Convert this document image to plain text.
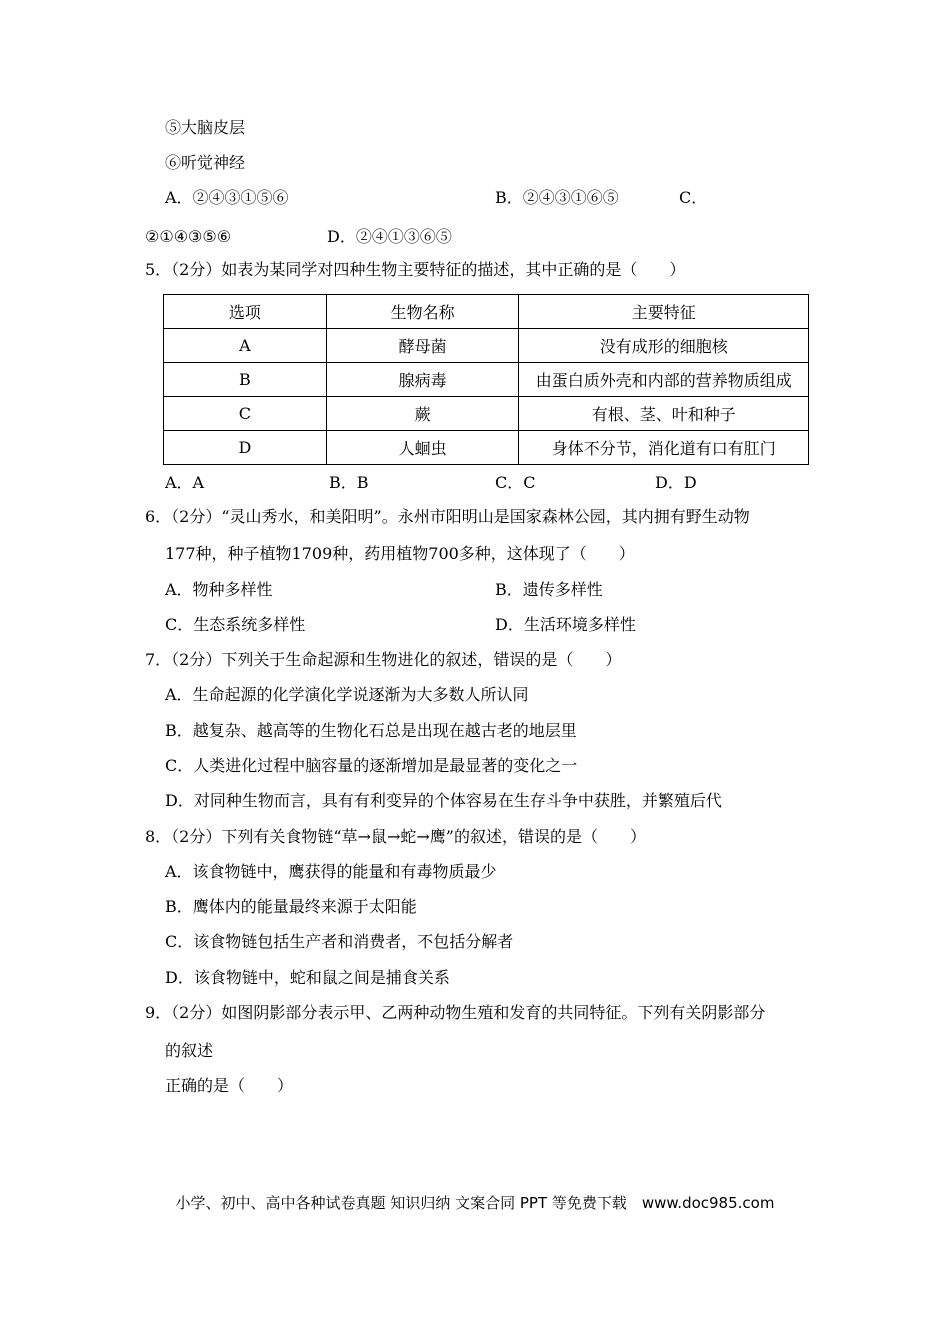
⑤大脑皮层
⑥听觉神经
A．②④③①⑤⑥	B．②④③①⑥⑤	C．
②①④③⑤⑥	D．②④①③⑥⑤
5．（2分）如表为某同学对四种生物主要特征的描述，其中正确的是（　　）
选项	生物名称	主要特征
A	酵母菌	没有成形的细胞核
B	腺病毒	由蛋白质外壳和内部的营养物质组成
C	蕨	有根、茎、叶和种子
D	人蛔虫	身体不分节，消化道有口有肛门
A．A	B．B	C．C	D．D
6．（2分）“灵山秀水，和美阳明”。永州市阳明山是国家森林公园，其内拥有野生动物
177种，种子植物1709种，药用植物700多种，这体现了（　　）
A．物种多样性	B．遗传多样性
C．生态系统多样性	D．生活环境多样性
7．（2分）下列关于生命起源和生物进化的叙述，错误的是（　　）
A．生命起源的化学演化学说逐渐为大多数人所认同
B．越复杂、越高等的生物化石总是出现在越古老的地层里
C．人类进化过程中脑容量的逐渐增加是最显著的变化之一
D．对同种生物而言，具有有利变异的个体容易在生存斗争中获胜，并繁殖后代
8．（2分）下列有关食物链“草→鼠→蛇→鹰”的叙述，错误的是（　　）
A．该食物链中，鹰获得的能量和有毒物质最少
B．鹰体内的能量最终来源于太阳能
C．该食物链包括生产者和消费者，不包括分解者
D．该食物链中，蛇和鼠之间是捕食关系
9．（2分）如图阴影部分表示甲、乙两种动物生殖和发育的共同特征。下列有关阴影部分
的叙述
正确的是（　　）
小学、初中、高中各种试卷真题 知识归纳 文案合同 PPT 等免费下载　www.doc985.com
